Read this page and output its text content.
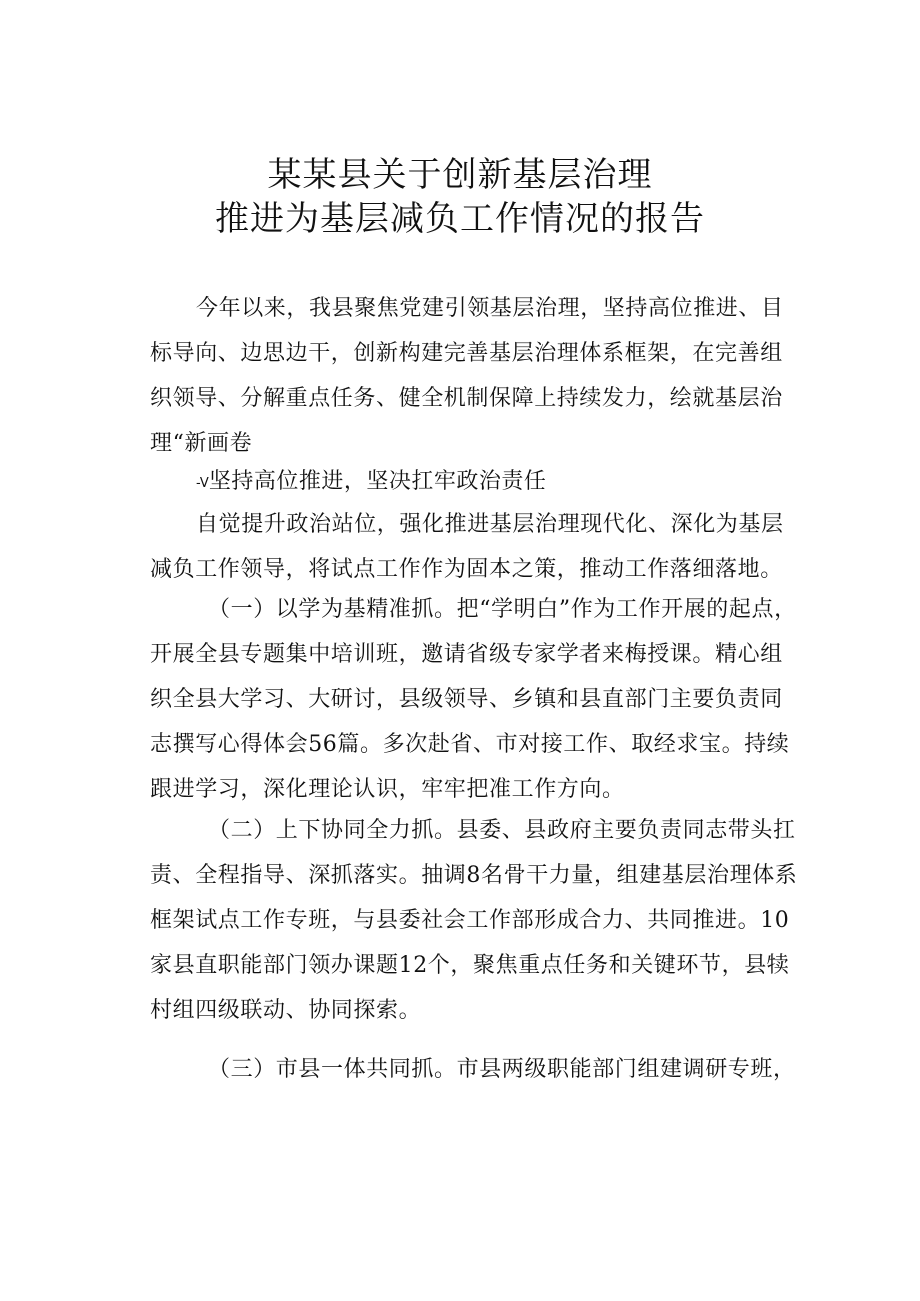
某某县关于创新基层治理
推进为基层减负工作情况的报告
今年以来，我县聚焦党建引领基层治理，坚持高位推进、目
标导向、边思边干，创新构建完善基层治理体系框架，在完善组
织领导、分解重点任务、健全机制保障上持续发力，绘就基层治
理“新画卷
-V坚持高位推进，坚决扛牢政治责任
自觉提升政治站位，强化推进基层治理现代化、深化为基层
减负工作领导，将试点工作作为固本之策，推动工作落细落地。
（一）以学为基精准抓。把“学明白”作为工作开展的起点，
开展全县专题集中培训班，邀请省级专家学者来梅授课。精心组
织全县大学习、大研讨，县级领导、乡镇和县直部门主要负责同
志撰写心得体会56篇。多次赴省、市对接工作、取经求宝。持续
跟进学习，深化理论认识，牢牢把准工作方向。
（二）上下协同全力抓。县委、县政府主要负责同志带头扛
责、全程指导、深抓落实。抽调8名骨干力量，组建基层治理体系
框架试点工作专班，与县委社会工作部形成合力、共同推进。10
家县直职能部门领办课题12个，聚焦重点任务和关键环节，县犊
村组四级联动、协同探索。
（三）市县一体共同抓。市县两级职能部门组建调研专班，
